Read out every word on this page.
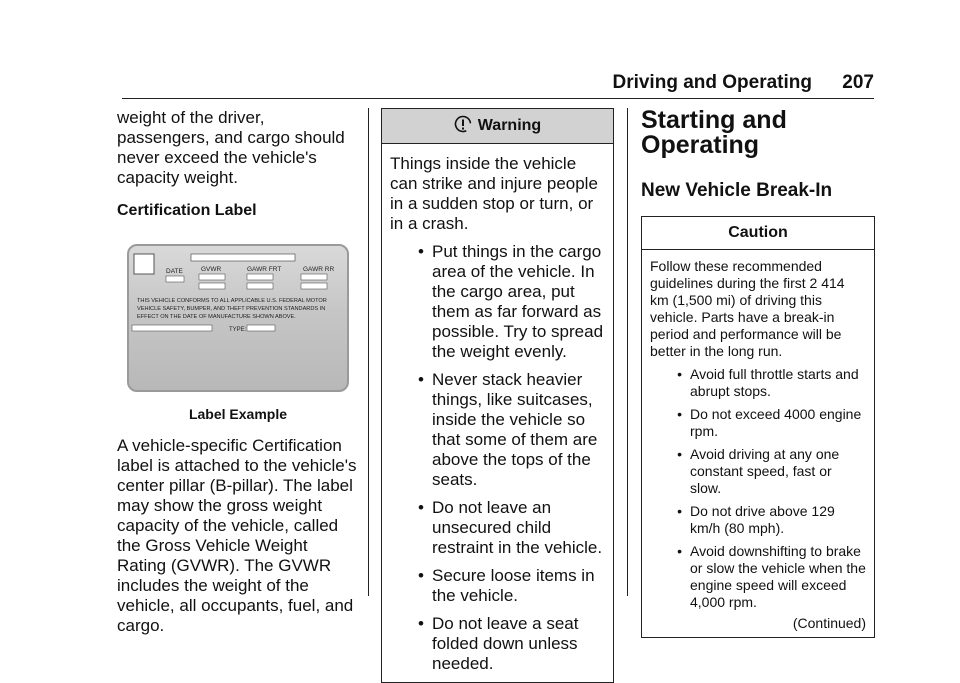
Driving and Operating 207

weight of the driver, passengers, and cargo should never exceed the vehicle's capacity weight.

Certification Label

DATE	GVWR	GAWR FRT	GAWR RR
THIS VEHICLE CONFORMS TO ALL APPLICABLE U.S. FEDERAL MOTOR
VEHICLE SAFETY, BUMPER, AND THEFT PREVENTION STANDARDS IN
EFFECT ON THE DATE OF MANUFACTURE SHOWN ABOVE.
TYPE:

Label Example

A vehicle-specific Certification label is attached to the vehicle's center pillar (B-pillar). The label may show the gross weight capacity of the vehicle, called the Gross Vehicle Weight Rating (GVWR). The GVWR includes the weight of the vehicle, all occupants, fuel, and cargo.

Warning

Things inside the vehicle can strike and injure people in a sudden stop or turn, or in a crash.

• Put things in the cargo area of the vehicle. In the cargo area, put them as far forward as possible. Try to spread the weight evenly.
• Never stack heavier things, like suitcases, inside the vehicle so that some of them are above the tops of the seats.
• Do not leave an unsecured child restraint in the vehicle.
• Secure loose items in the vehicle.
• Do not leave a seat folded down unless needed.

Starting and Operating

New Vehicle Break-In

Caution

Follow these recommended guidelines during the first 2 414 km (1,500 mi) of driving this vehicle. Parts have a break-in period and performance will be better in the long run.

• Avoid full throttle starts and abrupt stops.
• Do not exceed 4000 engine rpm.
• Avoid driving at any one constant speed, fast or slow.
• Do not drive above 129 km/h (80 mph).
• Avoid downshifting to brake or slow the vehicle when the engine speed will exceed 4,000 rpm.
(Continued)
